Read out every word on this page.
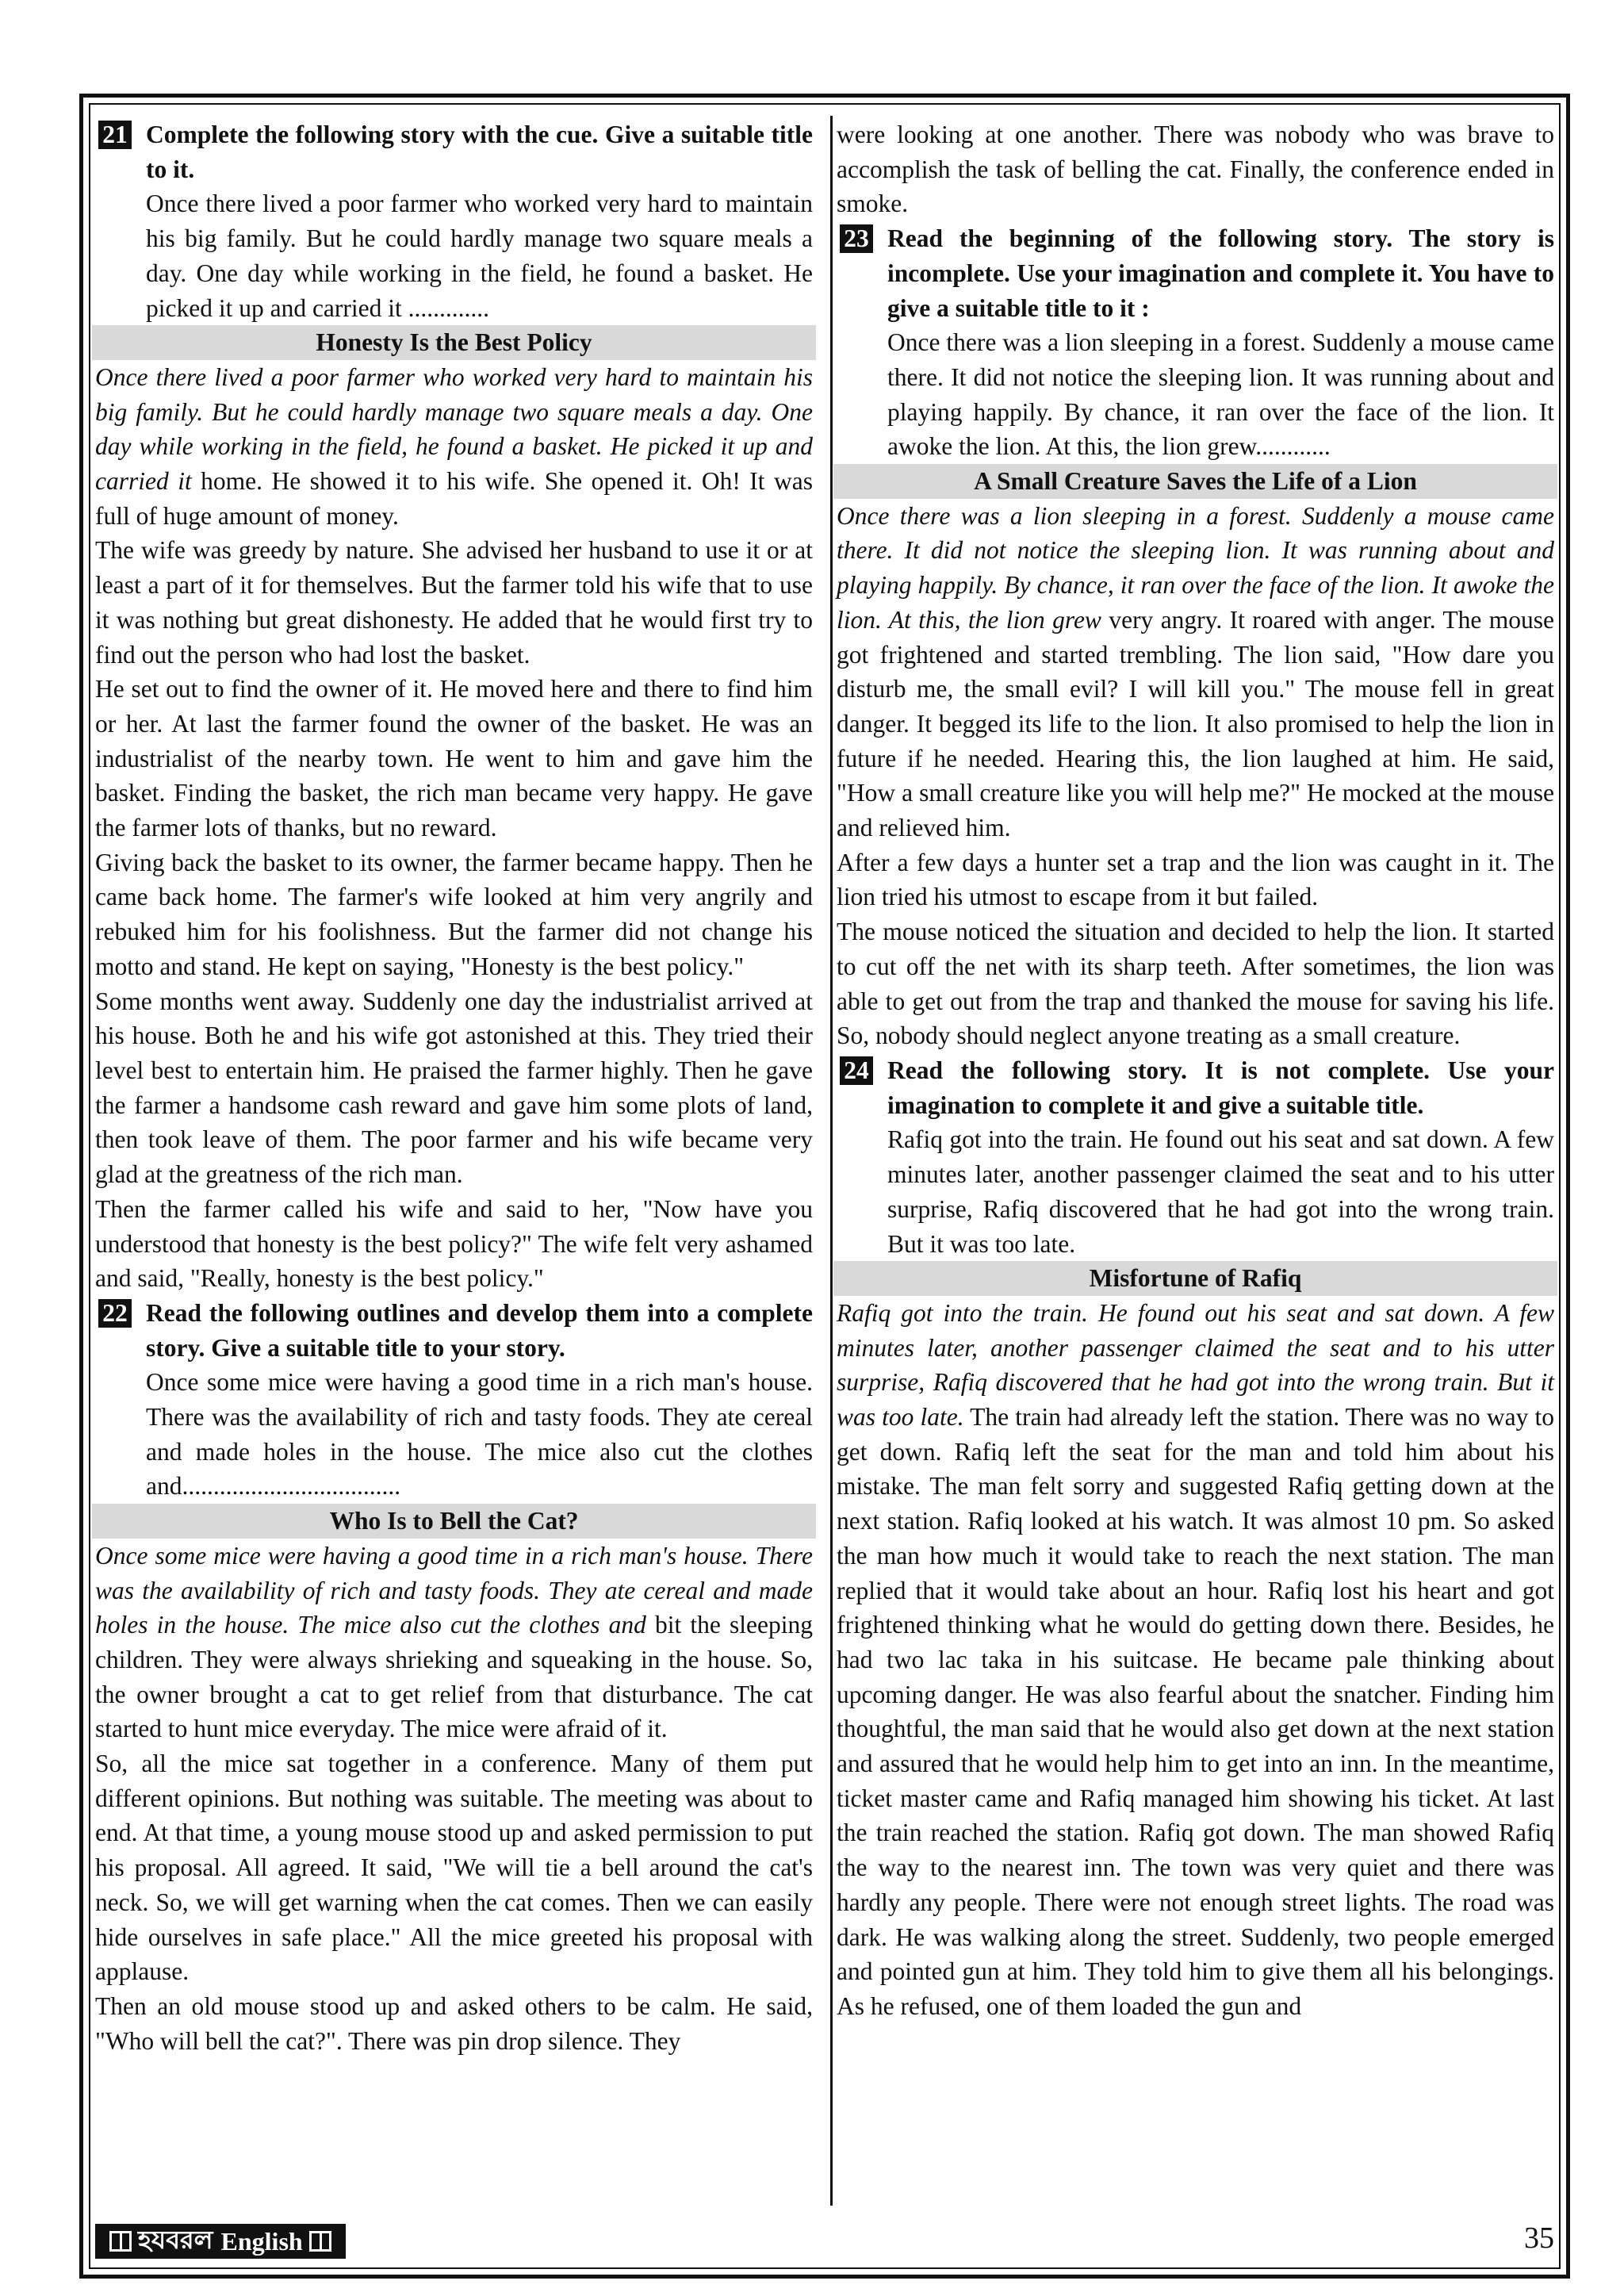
21 Complete the following story with the cue. Give a suitable title to it.

Once there lived a poor farmer who worked very hard to maintain his big family. But he could hardly manage two square meals a day. One day while working in the field, he found a basket. He picked it up and carried it .............

Honesty Is the Best Policy

Once there lived a poor farmer who worked very hard to maintain his big family. But he could hardly manage two square meals a day. One day while working in the field, he found a basket. He picked it up and carried it home. He showed it to his wife. She opened it. Oh! It was full of huge amount of money.

The wife was greedy by nature. She advised her husband to use it or at least a part of it for themselves. But the farmer told his wife that to use it was nothing but great dishonesty. He added that he would first try to find out the person who had lost the basket.

He set out to find the owner of it. He moved here and there to find him or her. At last the farmer found the owner of the basket. He was an industrialist of the nearby town. He went to him and gave him the basket. Finding the basket, the rich man became very happy. He gave the farmer lots of thanks, but no reward.

Giving back the basket to its owner, the farmer became happy. Then he came back home. The farmer's wife looked at him very angrily and rebuked him for his foolishness. But the farmer did not change his motto and stand. He kept on saying, "Honesty is the best policy."

Some months went away. Suddenly one day the industrialist arrived at his house. Both he and his wife got astonished at this. They tried their level best to entertain him. He praised the farmer highly. Then he gave the farmer a handsome cash reward and gave him some plots of land, then took leave of them. The poor farmer and his wife became very glad at the greatness of the rich man.

Then the farmer called his wife and said to her, "Now have you understood that honesty is the best policy?" The wife felt very ashamed and said, "Really, honesty is the best policy."

22 Read the following outlines and develop them into a complete story. Give a suitable title to your story.

Once some mice were having a good time in a rich man's house. There was the availability of rich and tasty foods. They ate cereal and made holes in the house. The mice also cut the clothes and...................................

Who Is to Bell the Cat?

Once some mice were having a good time in a rich man's house. There was the availability of rich and tasty foods. They ate cereal and made holes in the house. The mice also cut the clothes and bit the sleeping children. They were always shrieking and squeaking in the house. So, the owner brought a cat to get relief from that disturbance. The cat started to hunt mice everyday. The mice were afraid of it.

So, all the mice sat together in a conference. Many of them put different opinions. But nothing was suitable. The meeting was about to end. At that time, a young mouse stood up and asked permission to put his proposal. All agreed. It said, "We will tie a bell around the cat's neck. So, we will get warning when the cat comes. Then we can easily hide ourselves in safe place." All the mice greeted his proposal with applause.

Then an old mouse stood up and asked others to be calm. He said, "Who will bell the cat?". There was pin drop silence. They

were looking at one another. There was nobody who was brave to accomplish the task of belling the cat. Finally, the conference ended in smoke.

23 Read the beginning of the following story. The story is incomplete. Use your imagination and complete it. You have to give a suitable title to it :

Once there was a lion sleeping in a forest. Suddenly a mouse came there. It did not notice the sleeping lion. It was running about and playing happily. By chance, it ran over the face of the lion. It awoke the lion. At this, the lion grew............

A Small Creature Saves the Life of a Lion

Once there was a lion sleeping in a forest. Suddenly a mouse came there. It did not notice the sleeping lion. It was running about and playing happily. By chance, it ran over the face of the lion. It awoke the lion. At this, the lion grew very angry. It roared with anger. The mouse got frightened and started trembling. The lion said, "How dare you disturb me, the small evil? I will kill you." The mouse fell in great danger. It begged its life to the lion. It also promised to help the lion in future if he needed. Hearing this, the lion laughed at him. He said, "How a small creature like you will help me?" He mocked at the mouse and relieved him.

After a few days a hunter set a trap and the lion was caught in it. The lion tried his utmost to escape from it but failed.

The mouse noticed the situation and decided to help the lion. It started to cut off the net with its sharp teeth. After sometimes, the lion was able to get out from the trap and thanked the mouse for saving his life. So, nobody should neglect anyone treating as a small creature.

24 Read the following story. It is not complete. Use your imagination to complete it and give a suitable title.

Rafiq got into the train. He found out his seat and sat down. A few minutes later, another passenger claimed the seat and to his utter surprise, Rafiq discovered that he had got into the wrong train. But it was too late.

Misfortune of Rafiq

Rafiq got into the train. He found out his seat and sat down. A few minutes later, another passenger claimed the seat and to his utter surprise, Rafiq discovered that he had got into the wrong train. But it was too late. The train had already left the station. There was no way to get down. Rafiq left the seat for the man and told him about his mistake. The man felt sorry and suggested Rafiq getting down at the next station. Rafiq looked at his watch. It was almost 10 pm. So asked the man how much it would take to reach the next station. The man replied that it would take about an hour. Rafiq lost his heart and got frightened thinking what he would do getting down there. Besides, he had two lac taka in his suitcase. He became pale thinking about upcoming danger. He was also fearful about the snatcher. Finding him thoughtful, the man said that he would also get down at the next station and assured that he would help him to get into an inn. In the meantime, ticket master came and Rafiq managed him showing his ticket. At last the train reached the station. Rafiq got down. The man showed Rafiq the way to the nearest inn. The town was very quiet and there was hardly any people. There were not enough street lights. The road was dark. He was walking along the street. Suddenly, two people emerged and pointed gun at him. They told him to give them all his belongings. As he refused, one of them loaded the gun and

হযবরল English	35
